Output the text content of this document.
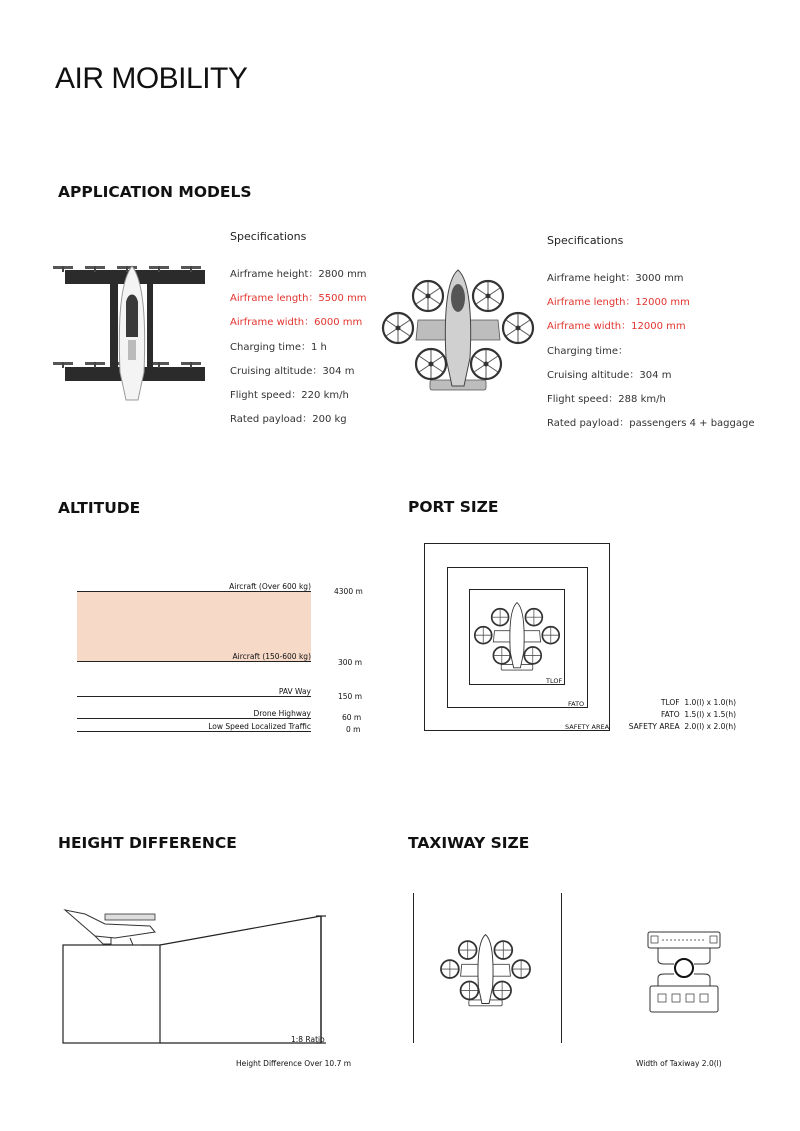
AIR MOBILITY
APPLICATION MODELS
ALTITUDE	PORT SIZE
HEIGHT DIFFERENCE	TAXIWAY SIZE
Specifications
Airframe height：2800 mm
Airframe length：5500 mm
Airframe width：6000 mm
Charging time：1 h
Cruising altitude：304 m
Flight speed：220 km/h
Rated payload：200 kg
Specifications
Airframe height：3000 mm
Airframe length：12000 mm
Airframe width：12000 mm
Charging time：
Cruising altitude：304 m
Flight speed：288 km/h
Rated payload：passengers 4 + baggage
Aircraft (Over 600 kg)
4300 m
Aircraft (150-600 kg)
300 m
PAV Way
150 m
Drone Highway	60 m
Low Speed Localized Traffic	0 m
TLOF
FATO
SAFETY AREA
TLOF 1.0(l) x 1.0(h)
FATO 1.5(l) x 1.5(h)
SAFETY AREA 2.0(l) x 2.0(h)
1:8 Ratio
Height Difference Over 10.7 m	Width of Taxiway 2.0(l)
